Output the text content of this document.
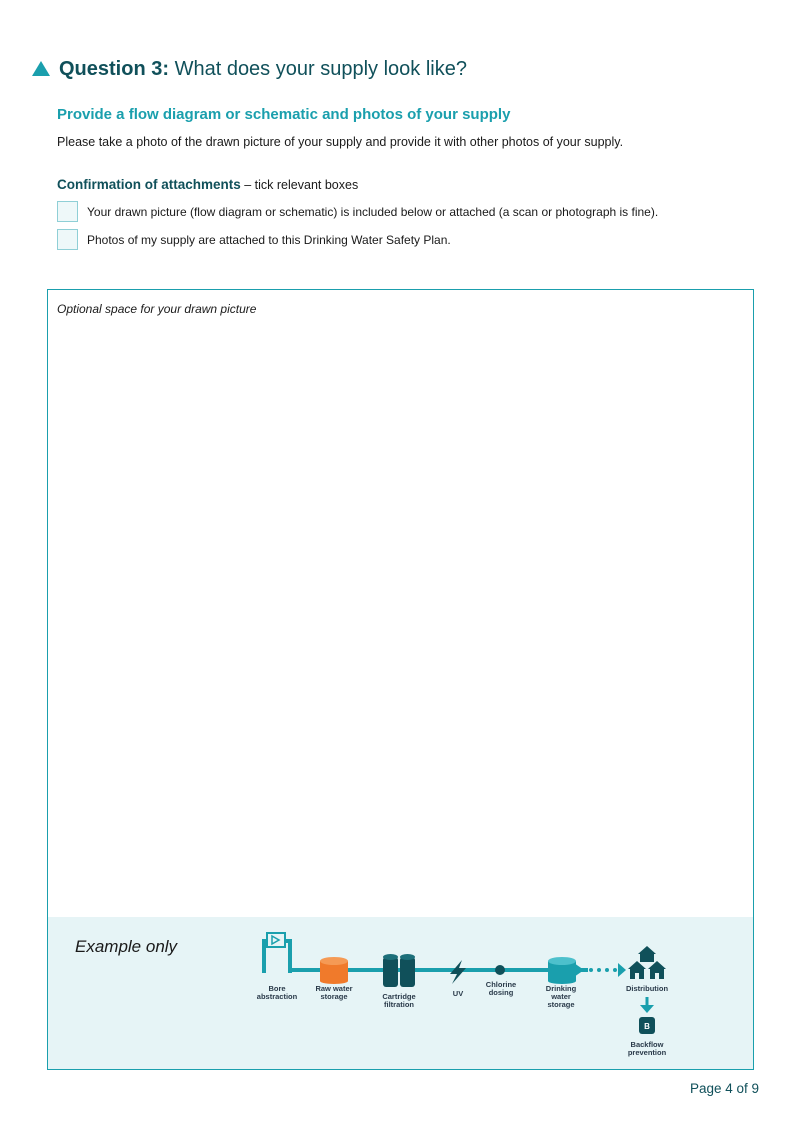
Question 3: What does your supply look like?
Provide a flow diagram or schematic and photos of your supply
Please take a photo of the drawn picture of your supply and provide it with other photos of your supply.
Confirmation of attachments – tick relevant boxes
Your drawn picture (flow diagram or schematic) is included below or attached (a scan or photograph is fine).
Photos of my supply are attached to this Drinking Water Safety Plan.
Optional space for your drawn picture
Example only
B
Bore
abstraction
Raw water
storage	Cartridge
filtration
UV
Chlorine
dosing	Drinking
water
storage
Distribution
Backflow
prevention
Page 4 of 9
